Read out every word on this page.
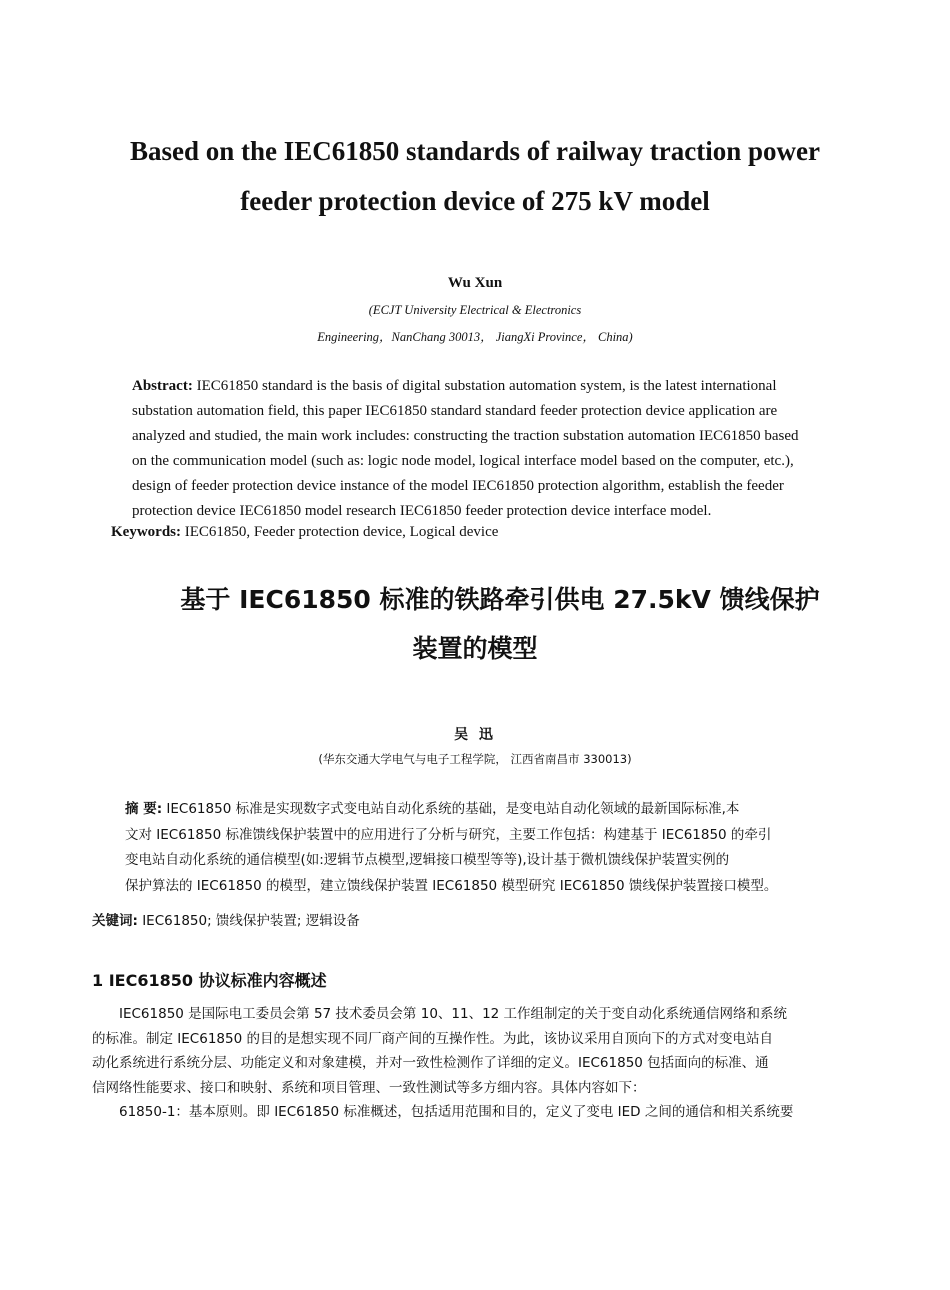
Based on the IEC61850 standards of railway traction power
feeder protection device of 275 kV model
Wu Xun
(ECJT University Electrical & Electronics
Engineering，NanChang 30013， JiangXi Province， China)
Abstract: IEC61850 standard is the basis of digital substation automation system, is the latest international
substation automation field, this paper IEC61850 standard standard feeder protection device application are
analyzed and studied, the main work includes: constructing the traction substation automation IEC61850 based
on the communication model (such as: logic node model, logical interface model based on the computer, etc.),
design of feeder protection device instance of the model IEC61850 protection algorithm, establish the feeder
protection device IEC61850 model research IEC61850 feeder protection device interface model.
Keywords: IEC61850, Feeder protection device, Logical device
基于 IEC61850 标准的铁路牵引供电 27.5kV 馈线保护
装置的模型
吴 迅
(华东交通大学电气与电子工程学院， 江西省南昌市 330013)
摘 要: IEC61850 标准是实现数字式变电站自动化系统的基础，是变电站自动化领域的最新国际标准,本
文对 IEC61850 标准馈线保护装置中的应用进行了分析与研究，主要工作包括：构建基于 IEC61850 的牵引
变电站自动化系统的通信模型(如:逻辑节点模型,逻辑接口模型等等),设计基于微机馈线保护装置实例的
保护算法的 IEC61850 的模型，建立馈线保护装置 IEC61850 模型研究 IEC61850 馈线保护装置接口模型。
关键词: IEC61850; 馈线保护装置; 逻辑设备
1 IEC61850 协议标准内容概述
　　IEC61850 是国际电工委员会第 57 技术委员会第 10、11、12 工作组制定的关于变自动化系统通信网络和系统
的标准。制定 IEC61850 的目的是想实现不同厂商产间的互操作性。为此，该协议采用自顶向下的方式对变电站自
动化系统进行系统分层、功能定义和对象建模，并对一致性检测作了详细的定义。IEC61850 包括面向的标准、通
信网络性能要求、接口和映射、系统和项目管理、一致性测试等多方细内容。具体内容如下：
　　61850-1：基本原则。即 IEC61850 标准概述，包括适用范围和目的，定义了变电 IED 之间的通信和相关系统要
